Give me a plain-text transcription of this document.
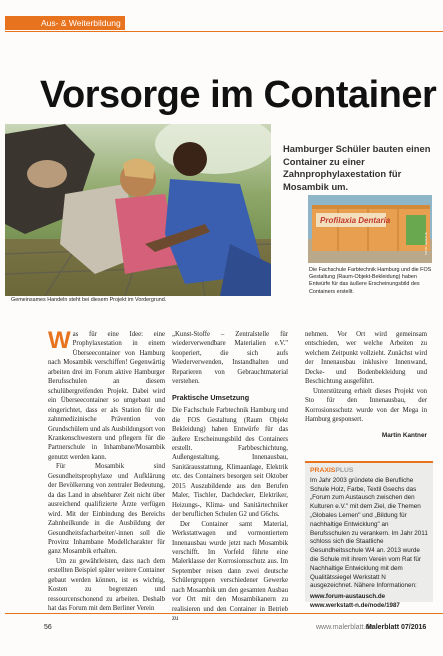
Aus- & Weiterbildung
Vorsorge im Container
Gemeinsames Handeln steht bei diesem Projekt im Vordergrund.

Hamburger Schüler bauten einen Container zu einer Zahnprophylaxestation für Mosambik um.

Profilaxia Dentaria
FOTO: GOETHS

Die Fachschule Farbtechnik Hamburg und die FOS Gestaltung (Raum-Objekt-Bekleidung) haben Entwürfe für das äußere Erscheinungsbild des Containers erstellt.

Was für eine Idee: eine Prophylaxestation in einem Überseecontainer von Hamburg nach Mosambik verschiffen! Gegenwärtig arbeiten drei im Forum aktive Hamburger Berufsschulen an diesem schulübergreifenden Projekt. Dabei wird ein Überseecontainer so umgebaut und eingerichtet, dass er als Station für die zahnmedizinische Prävention von Grundschülern und als Ausbildungsort von Krankenschwestern und pflegern für die Partnerschule in Inhambane/Mosambik genutzt werden kann.

Für Mosambik sind Gesundheitsprophylaxe und Aufklärung der Bevölkerung von zentraler Bedeutung, da das Land in absehbarer Zeit nicht über ausreichend qualifizierte Ärzte verfügen wird. Mit der Einbindung des Bereichs Zahnheilkunde in die Ausbildung der Gesundheitsfacharbeiter/-innen soll die Provinz Inhambane Modellcharakter für ganz Mosambik erhalten.

Um zu gewährleisten, dass nach dem erstellten Beispiel später weitere Container gebaut werden können, ist es wichtig, Kosten zu begrenzen und ressourcenschonend zu arbeiten. Deshalb hat das Forum mit dem Berliner Verein

„Kunst-Stoffe – Zentralstelle für wiederverwendbare Materialien e.V." kooperiert, die sich aufs Wiederverwenden, Instandhalten und Reparieren von Gebrauchtmaterial verstehen.

Praktische Umsetzung

Die Fachschule Farbtechnik Hamburg und die FOS Gestaltung (Raum Objekt Bekleidung) haben Entwürfe für das äußere Erscheinungsbild des Containers erstellt. Farbbeschichtung, Außengestaltung, Innenausbau, Sanitärausstattung, Klimaanlage, Elektrik etc. des Containers besorgen seit Oktober 2015 Auszubildende aus den Berufen Maler, Tischler, Dachdecker, Elektriker, Heizungs-, Klima- und Sanitärtechniker der beruflichen Schulen G2 und G6chs.

Der Container samt Material, Werkstattwagen und vormontiertem Innenausbau wurde jetzt nach Mosambik verschifft. Im Vorfeld führte eine Malerklasse der Korrosionsschutz aus. Im September reisen dann zwei deutsche Schülergruppen verschiedener Gewerke nach Mosambik um den gesamten Ausbau vor Ort mit den Mosambikanern zu realisieren und den Container in Betrieb zu

nehmen. Vor Ort wird gemeinsam entschieden, wer welche Arbeiten zu welchem Zeitpunkt vollzieht. Zunächst wird der Innenausbau inklusive Innenwand, Decke- und Bodenbekleidung und Beschichtung ausgeführt.

Unterstützung erhielt dieses Projekt von Sto für den Innenausbau, der Korrosionsschutz wurde von der Mega in Hamburg gesponsert.

Martin Kantner
PRAXISPLUS

Im Jahr 2003 gründete die Berufliche Schule Holz, Farbe, Textil Gsechs das „Forum zum Austausch zwischen den Kulturen e.V." mit dem Ziel, die Themen „Globales Lernen" und „Bildung für nachhaltige Entwicklung" an Berufsschulen zu verankern. Im Jahr 2011 schloss sich die Staatliche Gesundheitsschule W4 an. 2013 wurde die Schule mit ihrem Verein vom Rat für Nachhaltige Entwicklung mit dem Qualitätssiegel Werkstatt N ausgezeichnet. Nähere Informationen:

www.forum-austausch.de
www.werkstatt-n.de/node/1987
56	www.malerblatt.de
Malerblatt 07/2016
